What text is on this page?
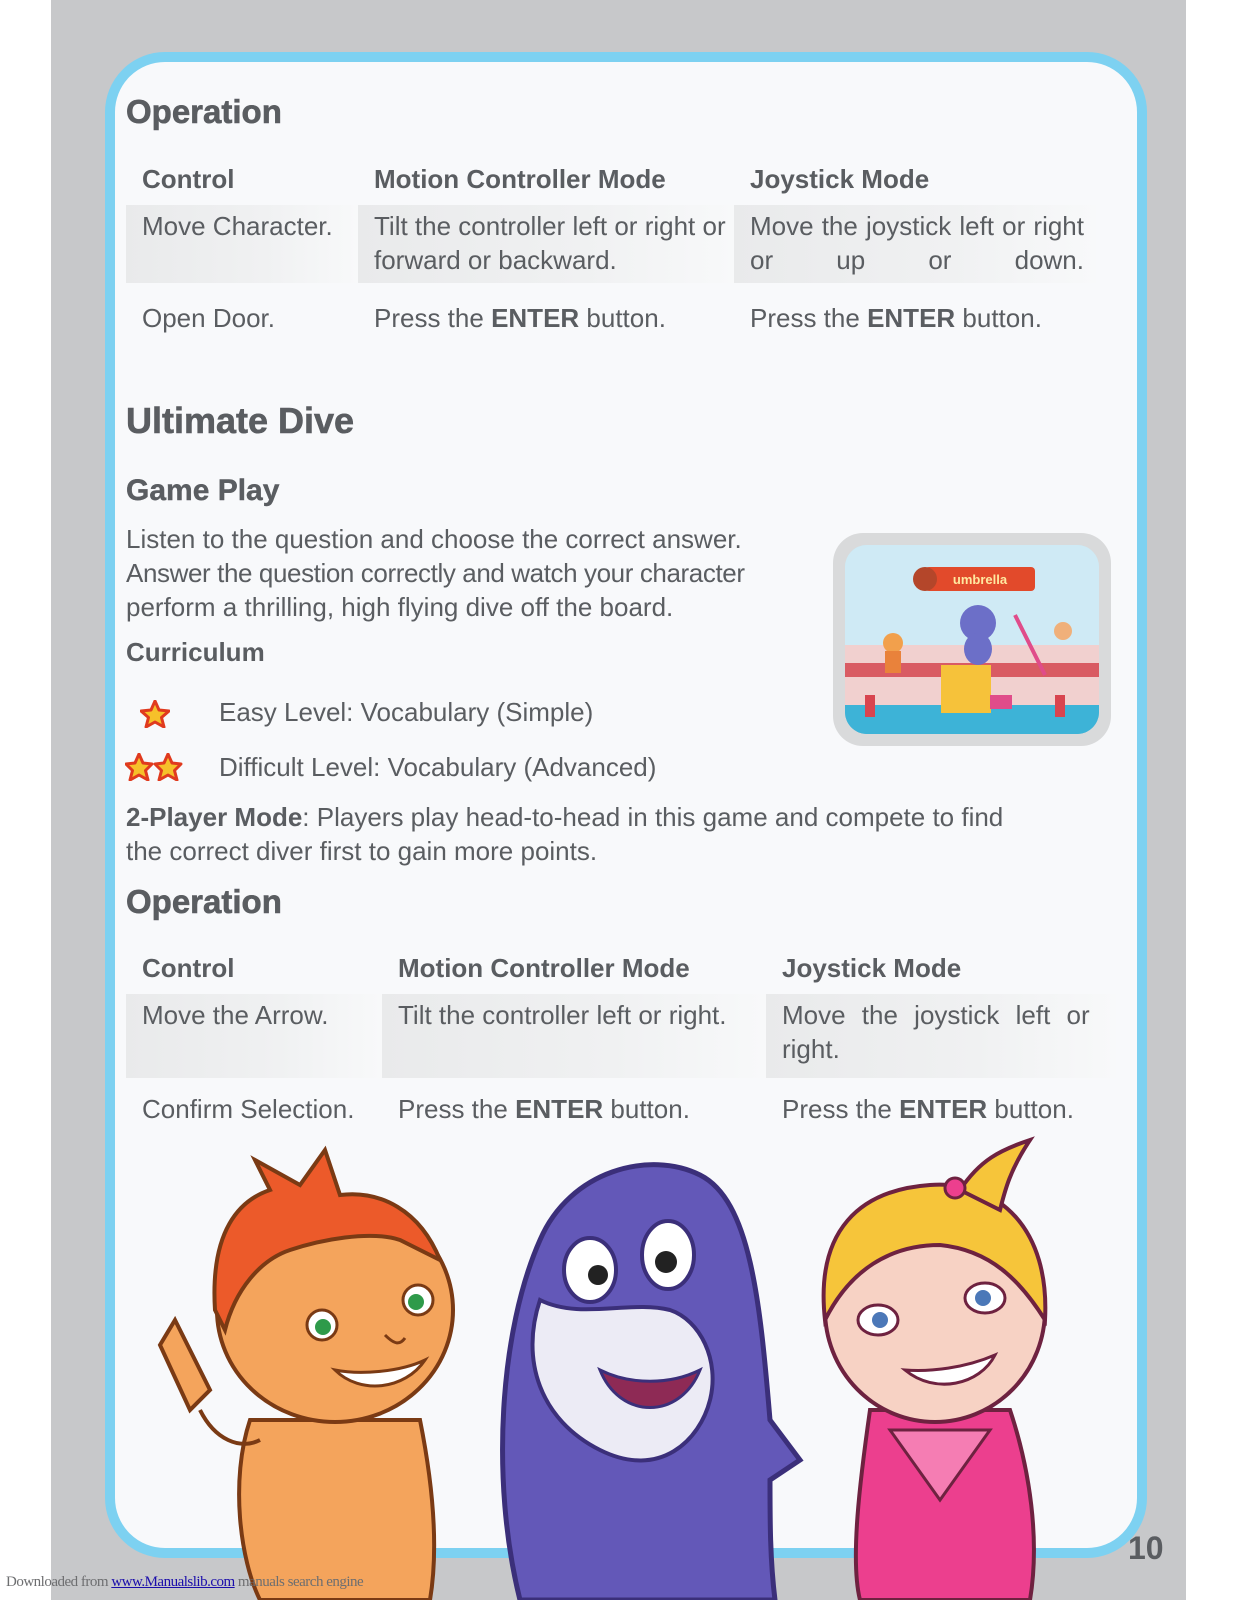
Operation
Control	Motion Controller Mode	Joystick Mode
Move Character.	Tilt the controller left or right or forward or backward.	Move the joystick left or right or up or down.
Open Door.	Press the ENTER button.	Press the ENTER button.
Ultimate Dive
Game Play
Listen to the question and choose the correct answer.
Answer the question correctly and watch your character
perform a thrilling, high flying dive off the board.
Curriculum
Easy Level: Vocabulary (Simple)
Difficult Level: Vocabulary (Advanced)
2-Player Mode: Players play head-to-head in this game and compete to find
the correct diver first to gain more points.
Operation
Control	Motion Controller Mode	Joystick Mode
Move the Arrow.	Tilt the controller left or right.	Move the joystick left or right.
Confirm Selection.	Press the ENTER button.	Press the ENTER button.
umbrella
10
Downloaded from www.Manualslib.com manuals search engine
